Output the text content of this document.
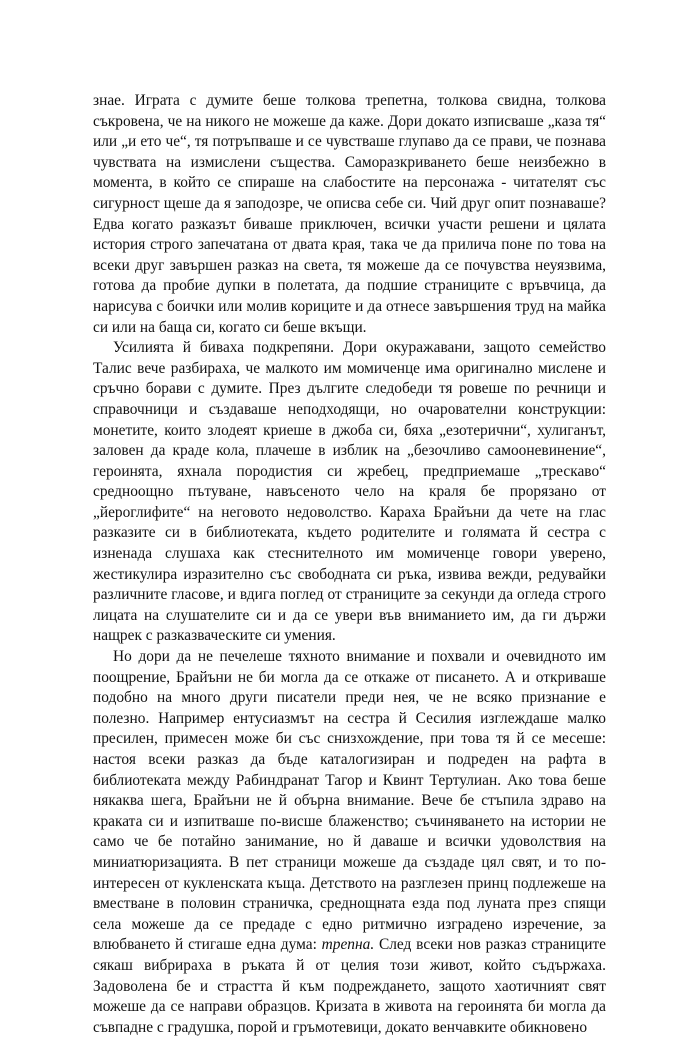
знае. Играта с думите беше толкова трепетна, толкова свидна, толкова съкровена, че на никого не можеше да каже. Дори докато изписваше „каза тя“ или „и ето че“, тя потръпваше и се чувстваше глупаво да се прави, че познава чувствата на измислени същества. Саморазкриването беше неизбежно в момента, в който се спираше на слабостите на персонажа - читателят със сигурност щеше да я заподозре, че описва себе си. Чий друг опит познаваше? Едва когато разказът биваше приключен, всички участи решени и цялата история строго запечатана от двата края, така че да прилича поне по това на всеки друг завършен разказ на света, тя можеше да се почувства неуязвима, готова да пробие дупки в полетата, да подшие страниците с връвчица, да нарисува с боички или молив кориците и да отнесе завършения труд на майка си или на баща си, когато си беше вкъщи.

Усилията й биваха подкрепяни. Дори окуражавани, защото семейство Талис вече разбираха, че малкото им момиченце има оригинално мислене и сръчно борави с думите. През дългите следобеди тя ровеше по речници и справочници и създаваше неподходящи, но очарователни конструкции: монетите, които злодеят криеше в джоба си, бяха „езотерични“, хулиганът, заловен да краде кола, плачеше в изблик на „безочливо самооневинение“, героинята, яхнала породистия си жребец, предприемаше „трескаво“ средноощно пътуване, навъсеното чело на краля бе прорязано от „йероглифите“ на неговото недоволство. Караха Брайъни да чете на глас разказите си в библиотеката, където родителите и голямата й сестра с изненада слушаха как стеснителното им момиченце говори уверено, жестикулира изразително със свободната си ръка, извива вежди, редувайки различните гласове, и вдига поглед от страниците за секунди да огледа строго лицата на слушателите си и да се увери във вниманието им, да ги държи нащрек с разказваческите си умения.

Но дори да не печелеше тяхното внимание и похвали и очевидното им поощрение, Брайъни не би могла да се откаже от писането. А и откриваше подобно на много други писатели преди нея, че не всяко признание е полезно. Например ентусиазмът на сестра й Сесилия изглеждаше малко пресилен, примесен може би със снизхождение, при това тя й се месеше: настоя всеки разказ да бъде каталогизиран и подреден на рафта в библиотеката между Рабиндранат Тагор и Квинт Тертулиан. Ако това беше някаква шега, Брайъни не й обърна внимание. Вече бе стъпила здраво на краката си и изпитваше по-висше блаженство; съчиняването на истории не само че бе потайно занимание, но й даваше и всички удоволствия на миниатюризацията. В пет страници можеше да създаде цял свят, и то по-интересен от кукленската къща. Детството на разглезен принц подлежеше на вместване в половин страничка, среднощната езда под луната през спящи села можеше да се предаде с едно ритмично изградено изречение, за влюбването й стигаше една дума: трепна. След всеки нов разказ страниците сякаш вибрираха в ръката й от целия този живот, който съдържаха. Задоволена бе и страстта й към подреждането, защото хаотичният свят можеше да се направи образцов. Кризата в живота на героинята би могла да съвпадне с градушка, порой и гръмотевици, докато венчавките обикновено
